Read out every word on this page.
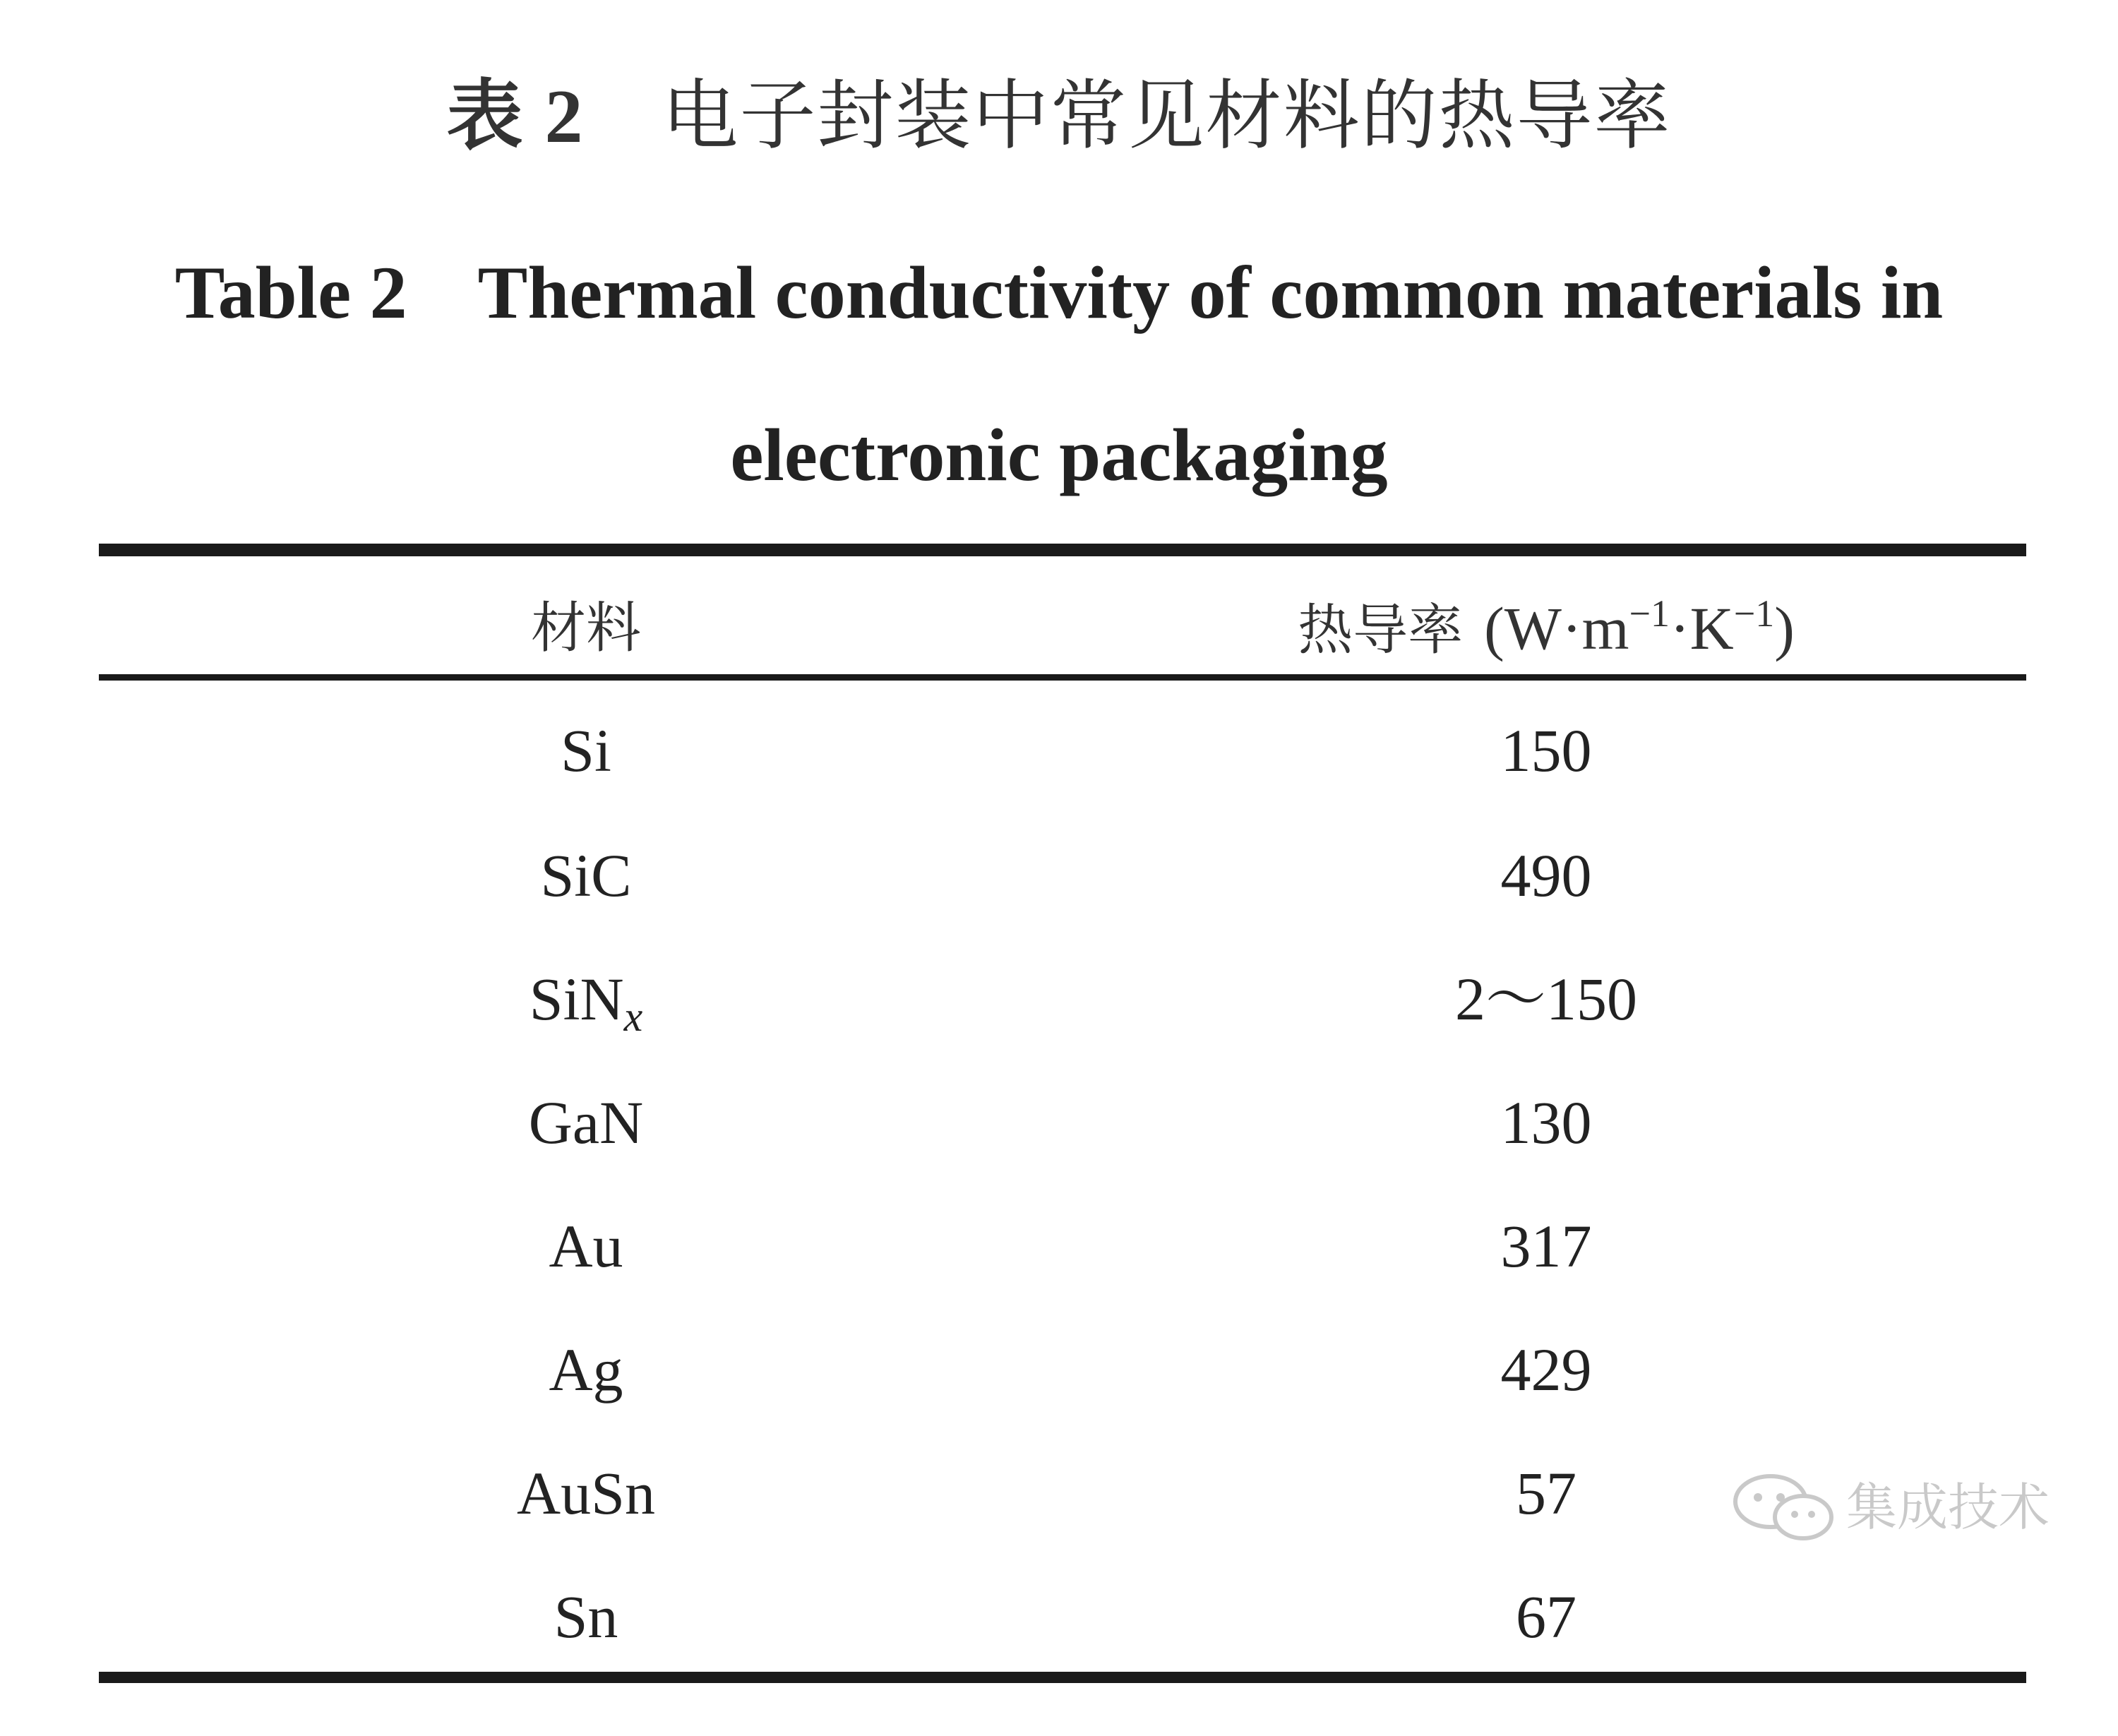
表 2 电子封装中常见材料的热导率
Table 2 Thermal conductivity of common materials in
electronic packaging
材料	热导率 $(W\cdot m^{-1}\cdot K^{-1})$
Si	150
SiC	490
SiNx	2～150
GaN	130
Au	317
Ag	429
AuSn	57
Sn	67
集成技术
